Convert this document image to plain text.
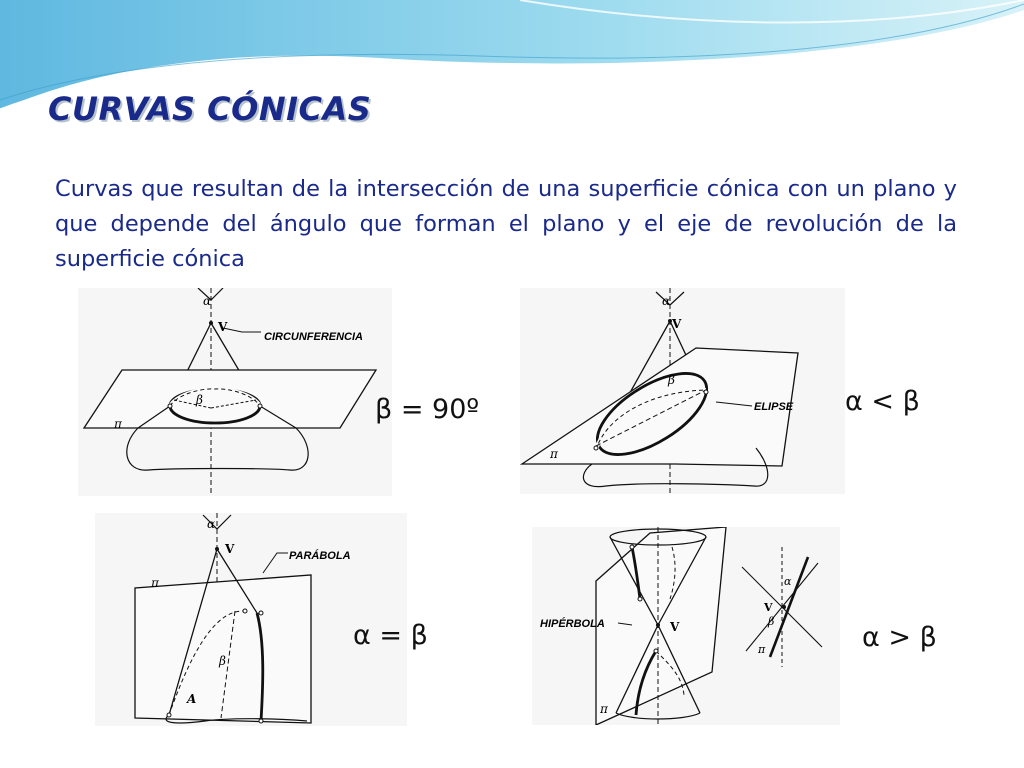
CURVAS CÓNICAS

Curvas que resultan de la intersección de una superficie cónica con un plano y que depende del ángulo que forman el plano y el eje de revolución de la superficie cónica

α
V
β
π
CIRCUNFERENCIA
β = 90º
α
V
β
π
ELIPSE α < β
α
V
β
π
A
PARÁBOLA
α = β	HIPÉRBOLA	V
π
α
V
β
π	α > β
